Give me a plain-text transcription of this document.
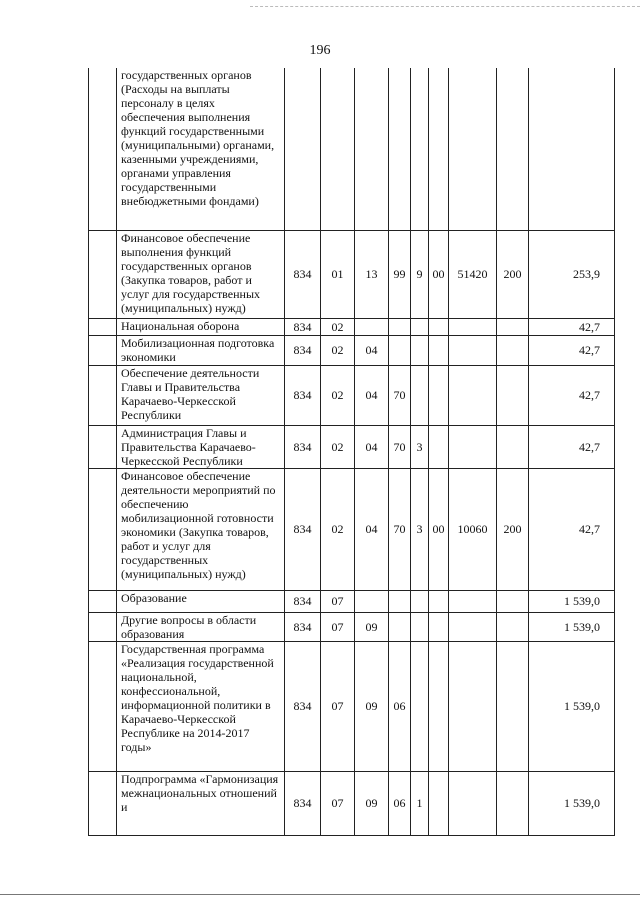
196
	государственных органов (Расходы на выплаты персоналу в целях обеспечения выполнения функций государственными (муниципальными) органами, казенными учреждениями, органами управления государственными внебюджетными фондами)									
	Финансовое обеспечение выполнения функций государственных органов (Закупка товаров, работ и услуг для государственных (муниципальных) нужд)	834	01	13	99	9	00	51420	200	253,9
	Национальная оборона	834	02							42,7
	Мобилизационная подготовка экономики	834	02	04						42,7
	Обеспечение деятельности Главы и Правительства Карачаево-Черкесской Республики	834	02	04	70					42,7
	Администрация Главы и Правительства Карачаево-Черкесской Республики	834	02	04	70	3				42,7
	Финансовое обеспечение деятельности мероприятий по обеспечению мобилизационной готовности экономики (Закупка товаров, работ и услуг для государственных (муниципальных) нужд)	834	02	04	70	3	00	10060	200	42,7
	Образование	834	07							1 539,0
	Другие вопросы в области образования	834	07	09						1 539,0
	Государственная программа «Реализация государственной национальной, конфессиональной, информационной политики в Карачаево-Черкесской Республике на 2014-2017 годы»	834	07	09	06					1 539,0
	Подпрограмма «Гармонизация межнациональных отношений и	834	07	09	06	1				1 539,0
